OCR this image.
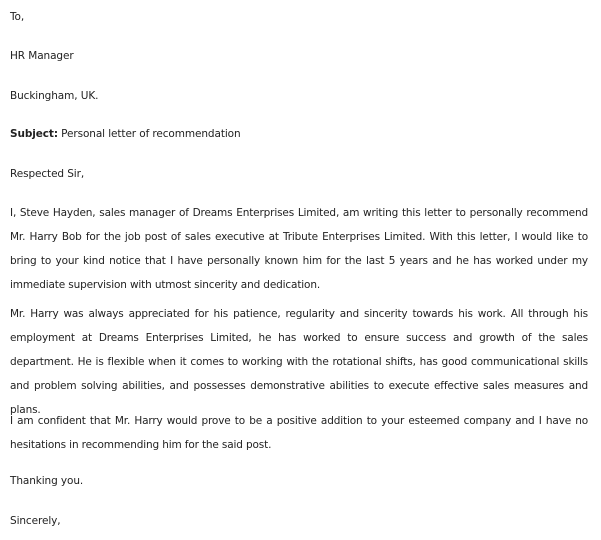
To,
HR Manager
Buckingham, UK.
Subject: Personal letter of recommendation
Respected Sir,
I, Steve Hayden, sales manager of Dreams Enterprises Limited, am writing this letter to personally recommend Mr. Harry Bob for the job post of sales executive at Tribute Enterprises Limited. With this letter, I would like to bring to your kind notice that I have personally known him for the last 5 years and he has worked under my immediate supervision with utmost sincerity and dedication.
Mr. Harry was always appreciated for his patience, regularity and sincerity towards his work. All through his employment at Dreams Enterprises Limited, he has worked to ensure success and growth of the sales department. He is flexible when it comes to working with the rotational shifts, has good communicational skills and problem solving abilities, and possesses demonstrative abilities to execute effective sales measures and plans.
I am confident that Mr. Harry would prove to be a positive addition to your esteemed company and I have no hesitations in recommending him for the said post.
Thanking you.
Sincerely,
